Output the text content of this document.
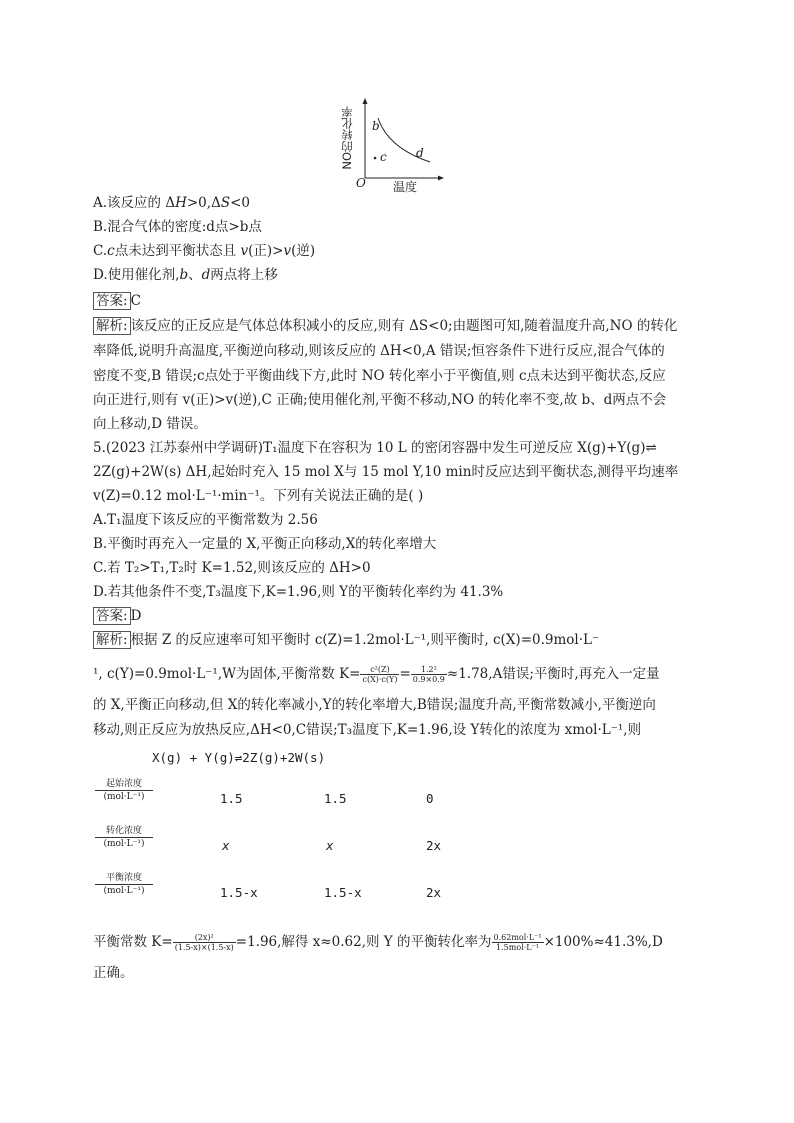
NO的转化率
O 温度
b
c d
A.该反应的 ΔH>0,ΔS<0
B.混合气体的密度:d点>b点
C.c点未达到平衡状态且 v(正)>v(逆)
D.使用催化剂,b、d两点将上移
答案: C
解析: 该反应的正反应是气体总体积减小的反应,则有 ΔS<0;由题图可知,随着温度升高,NO 的转化
率降低,说明升高温度,平衡逆向移动,则该反应的 ΔH<0,A 错误;恒容条件下进行反应,混合气体的
密度不变,B 错误;c点处于平衡曲线下方,此时 NO 转化率小于平衡值,则 c点未达到平衡状态,反应
向正进行,则有 v(正)>v(逆),C 正确;使用催化剂,平衡不移动,NO 的转化率不变,故 b、d两点不会
向上移动,D 错误。
5.(2023 江苏泰州中学调研)T₁温度下在容积为 10 L 的密闭容器中发生可逆反应 X(g)+Y(g)⇌
2Z(g)+2W(s) ΔH,起始时充入 15 mol X与 15 mol Y,10 min时反应达到平衡状态,测得平均速率
v(Z)=0.12 mol·L⁻¹·min⁻¹。下列有关说法正确的是( )
A.T₁温度下该反应的平衡常数为 2.56
B.平衡时再充入一定量的 X,平衡正向移动,X的转化率增大
C.若 T₂>T₁,T₂时 K=1.52,则该反应的 ΔH>0
D.若其他条件不变,T₃温度下,K=1.96,则 Y的平衡转化率约为 41.3%
答案: D
解析: 根据 Z 的反应速率可知平衡时 c(Z)=1.2mol·L⁻¹,则平衡时, c(X)=0.9mol·L⁻
¹, c(Y)=0.9mol·L⁻¹,W为固体,平衡常数 $K= \frac{\text{c²(Z)}}{c(X)\cdot c(Y)} = \frac{\text{1.2²}}{0.9\times 0.9} \approx 1.78,A$错误;平衡时,再充入一定量
的 X,平衡正向移动,但 X的转化率减小,Y的转化率增大,B错误;温度升高,平衡常数减小,平衡逆向
移动,则正反应为放热反应,ΔH<0,C错误;T₃温度下,K=1.96,设 Y转化的浓度为 xmol·L⁻¹,则
X(g) + Y(g)⇌2Z(g)+2W(s)
起始浓度
(mol·L⁻¹)	1.5	1.5	0
转化浓度
(mol·L⁻¹)	x	x	2x
平衡浓度
(mol·L⁻¹)	1.5-x	1.5-x	2x
平衡常数 $K= \frac{\text{(2x)²}}{(1.5-x)\times(1.5-x)} =1.96$,解得 x≈0.62,则 Y 的平衡转化率为 $\frac{\text{0.62mol·L⁻¹}}{\text{1.5mol·L⁻¹}} \times 100\%\approx 41.3\%,D$
正确。
